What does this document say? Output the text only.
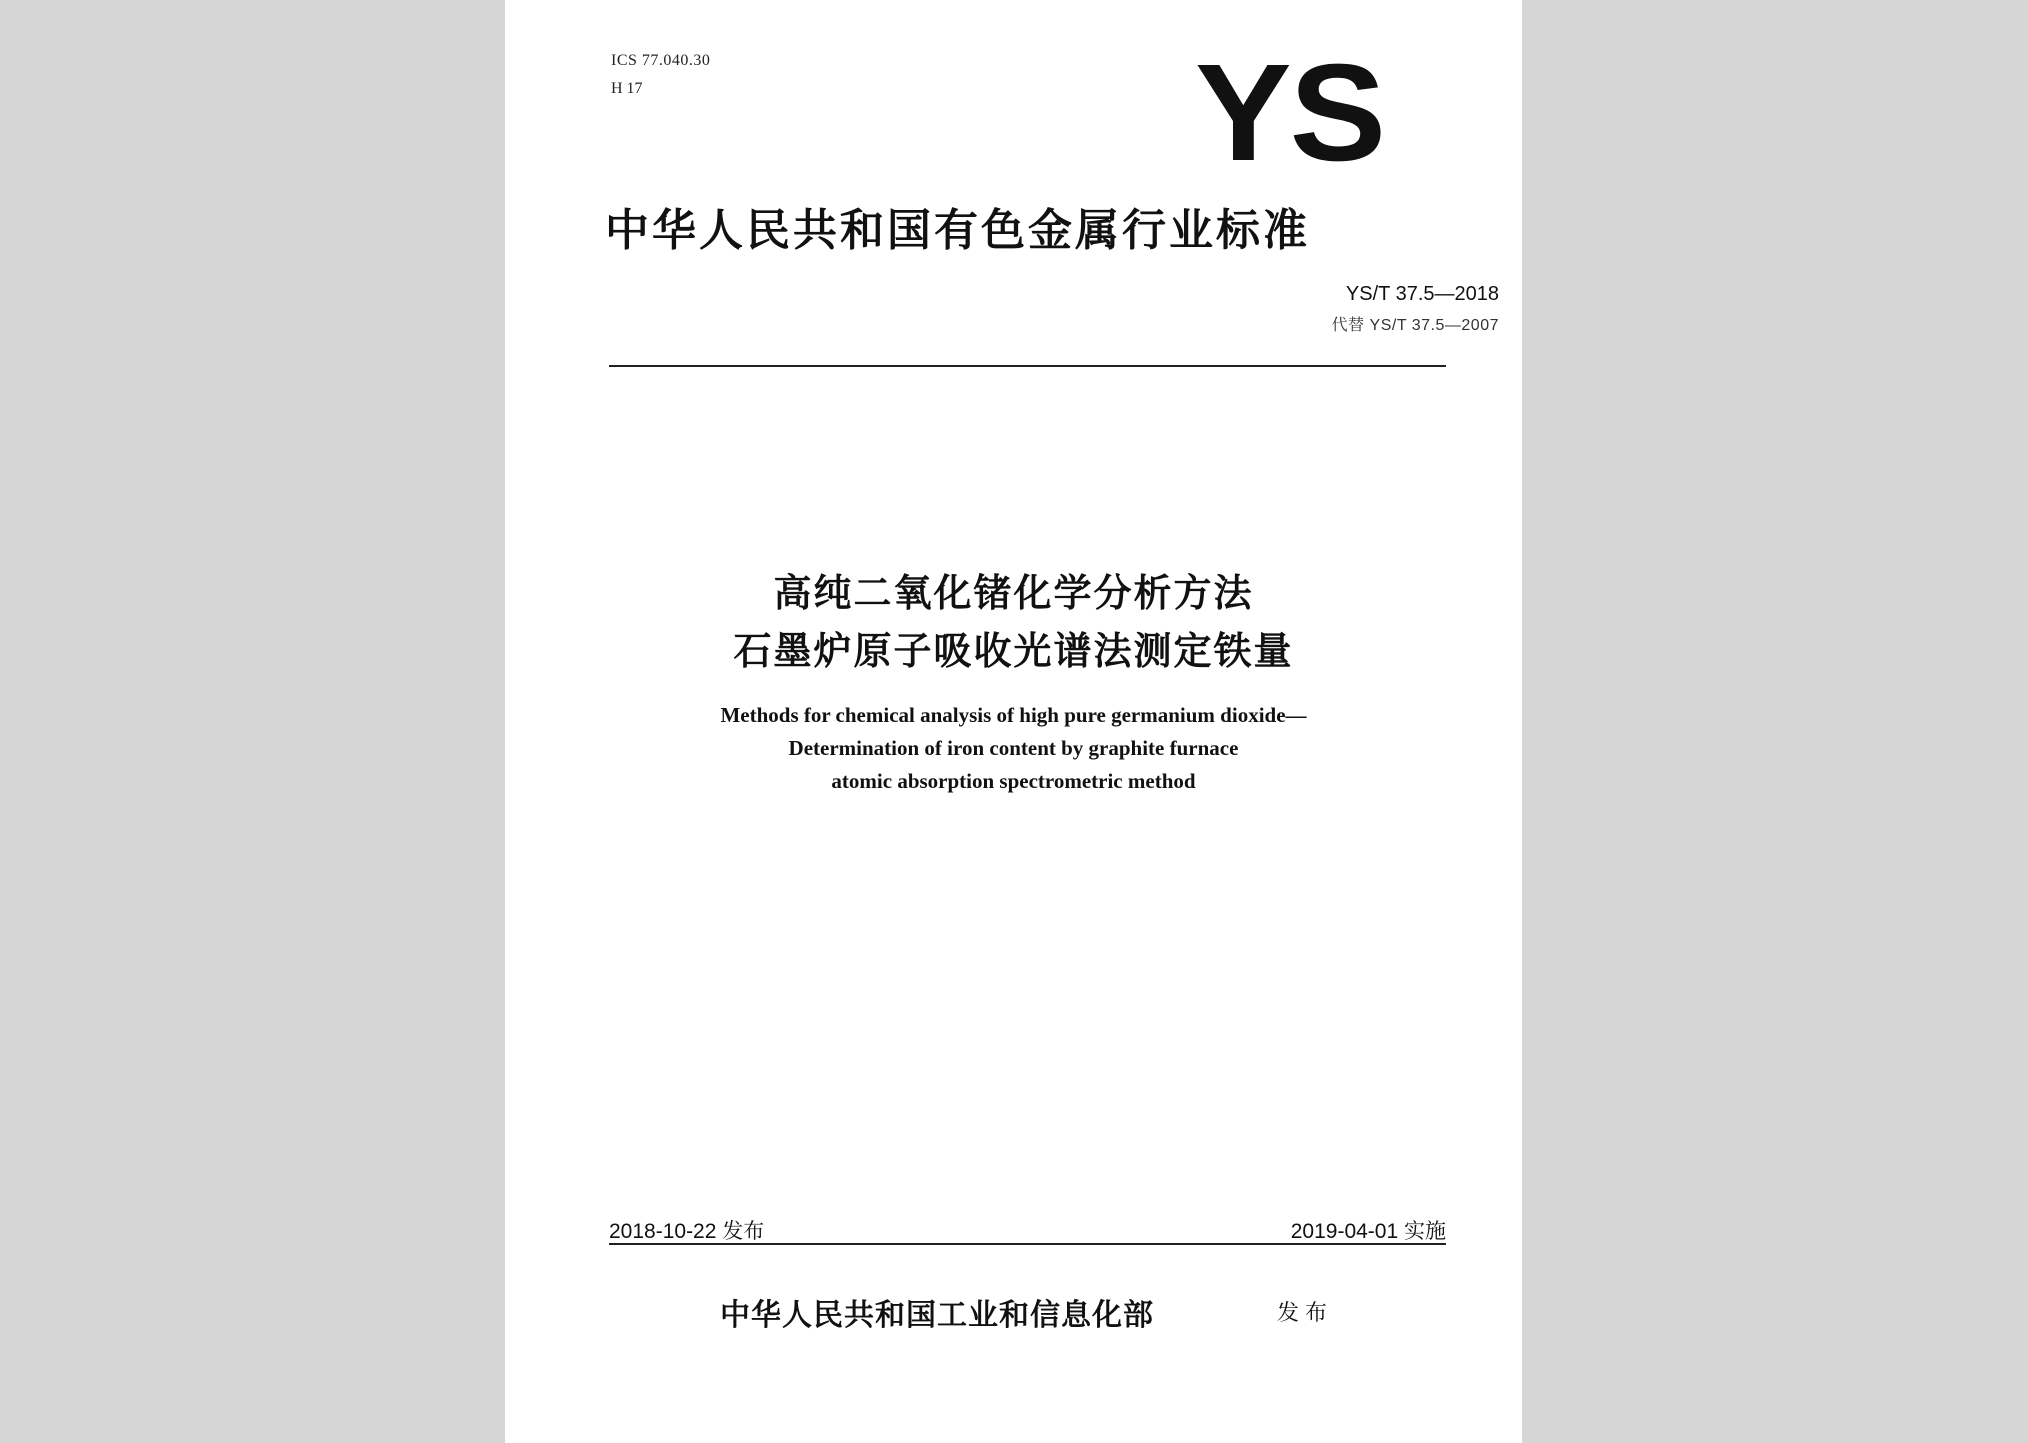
ICS 77.040.30
H 17	YS
中华人民共和国有色金属行业标准
YS/T 37.5—2018
代替 YS/T 37.5—2007
高纯二氧化锗化学分析方法
石墨炉原子吸收光谱法测定铁量
Methods for chemical analysis of high pure germanium dioxide—
Determination of iron content by graphite furnace
atomic absorption spectrometric method
2018-10-22 发布	2019-04-01 实施
中华人民共和国工业和信息化部	发布
